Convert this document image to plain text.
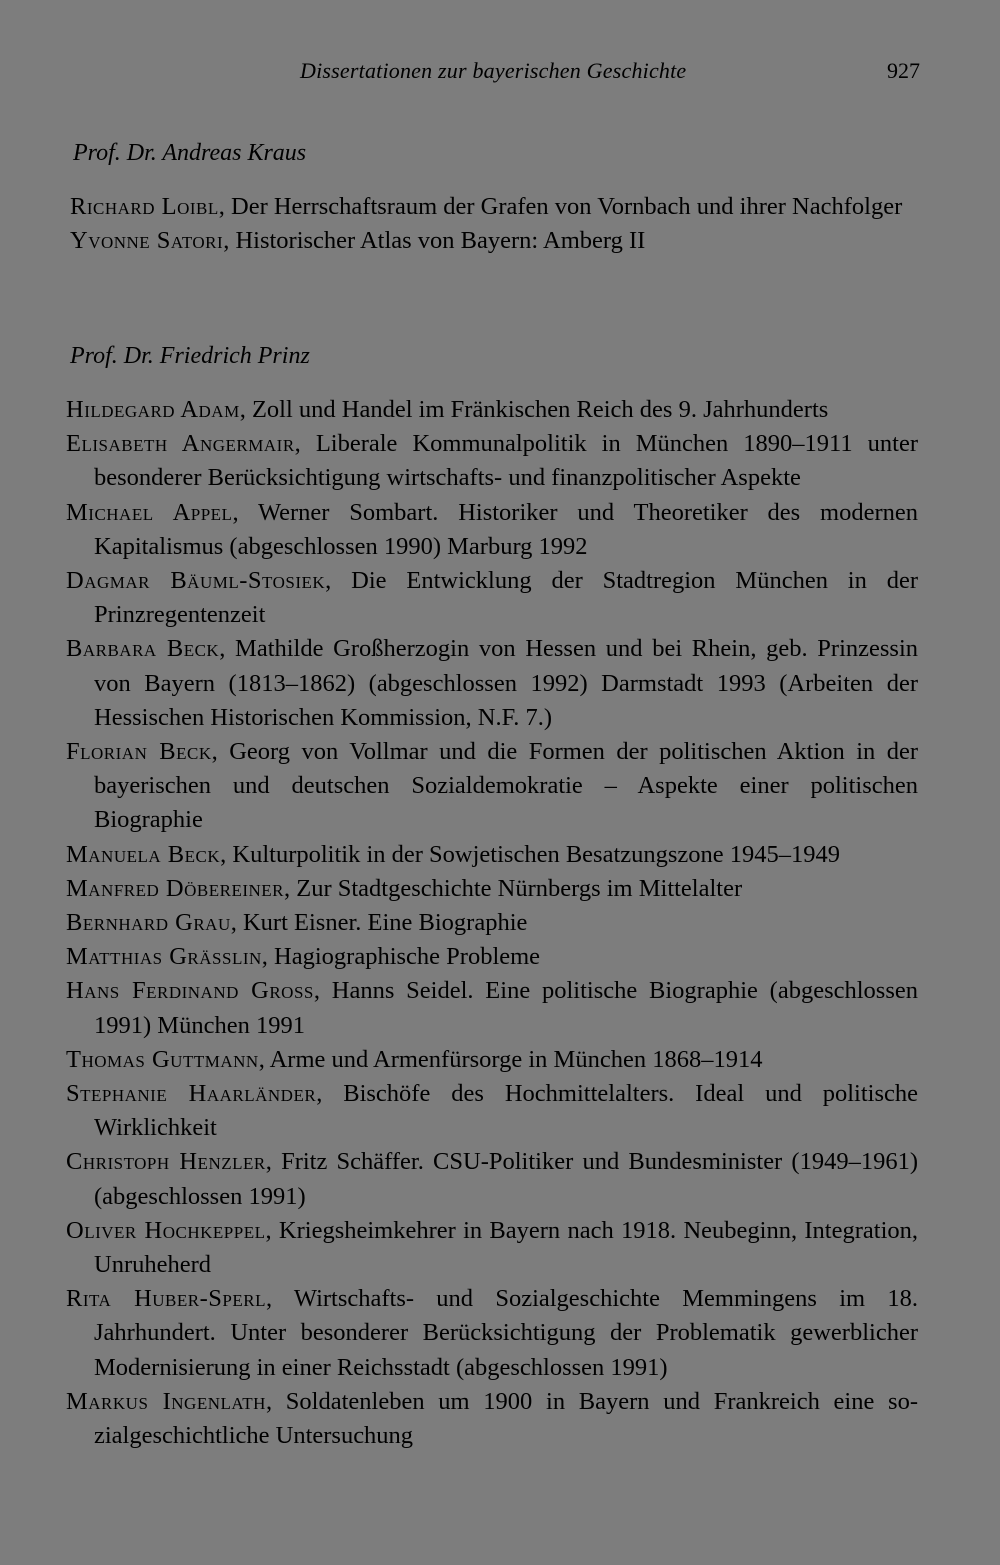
Dissertationen zur bayerischen Geschichte	927
Prof. Dr. Andreas Kraus

Richard Loibl, Der Herrschaftsraum der Grafen von Vornbach und ihrer Nachfolger

Yvonne Satori, Historischer Atlas von Bayern: Amberg II

Prof. Dr. Friedrich Prinz

Hildegard Adam, Zoll und Handel im Fränkischen Reich des 9. Jahrhunderts

Elisabeth Angermair, Liberale Kommunalpolitik in München 1890–1911 unter besonderer Berücksichtigung wirtschafts- und finanzpolitischer Aspekte

Michael Appel, Werner Sombart. Historiker und Theoretiker des modernen Kapitalismus (abgeschlossen 1990) Marburg 1992

Dagmar Bäuml-Stosiek, Die Entwicklung der Stadtregion München in der Prinzregentenzeit

Barbara Beck, Mathilde Großherzogin von Hessen und bei Rhein, geb. Prinzessin von Bayern (1813–1862) (abgeschlossen 1992) Darmstadt 1993 (Arbeiten der Hessischen Historischen Kommission, N.F. 7.)

Florian Beck, Georg von Vollmar und die Formen der politischen Aktion in der bayerischen und deutschen Sozialdemokratie – Aspekte einer politischen Biographie

Manuela Beck, Kulturpolitik in der Sowjetischen Besatzungszone 1945–1949

Manfred Döbereiner, Zur Stadtgeschichte Nürnbergs im Mittelalter

Bernhard Grau, Kurt Eisner. Eine Biographie

Matthias Grässlin, Hagiographische Probleme

Hans Ferdinand Gross, Hanns Seidel. Eine politische Biographie (abgeschlossen 1991) München 1991

Thomas Guttmann, Arme und Armenfürsorge in München 1868–1914

Stephanie Haarländer, Bischöfe des Hochmittelalters. Ideal und politische Wirklichkeit

Christoph Henzler, Fritz Schäffer. CSU-Politiker und Bundesminister (1949–1961) (abgeschlossen 1991)

Oliver Hochkeppel, Kriegsheimkehrer in Bayern nach 1918. Neubeginn, Integration, Unruheherd

Rita Huber-Sperl, Wirtschafts- und Sozialgeschichte Memmingens im 18. Jahrhundert. Unter besonderer Berücksichtigung der Problematik gewerblicher Modernisierung in einer Reichsstadt (abgeschlossen 1991)

Markus Ingenlath, Soldatenleben um 1900 in Bayern und Frankreich eine sozialgeschichtliche Untersuchung
